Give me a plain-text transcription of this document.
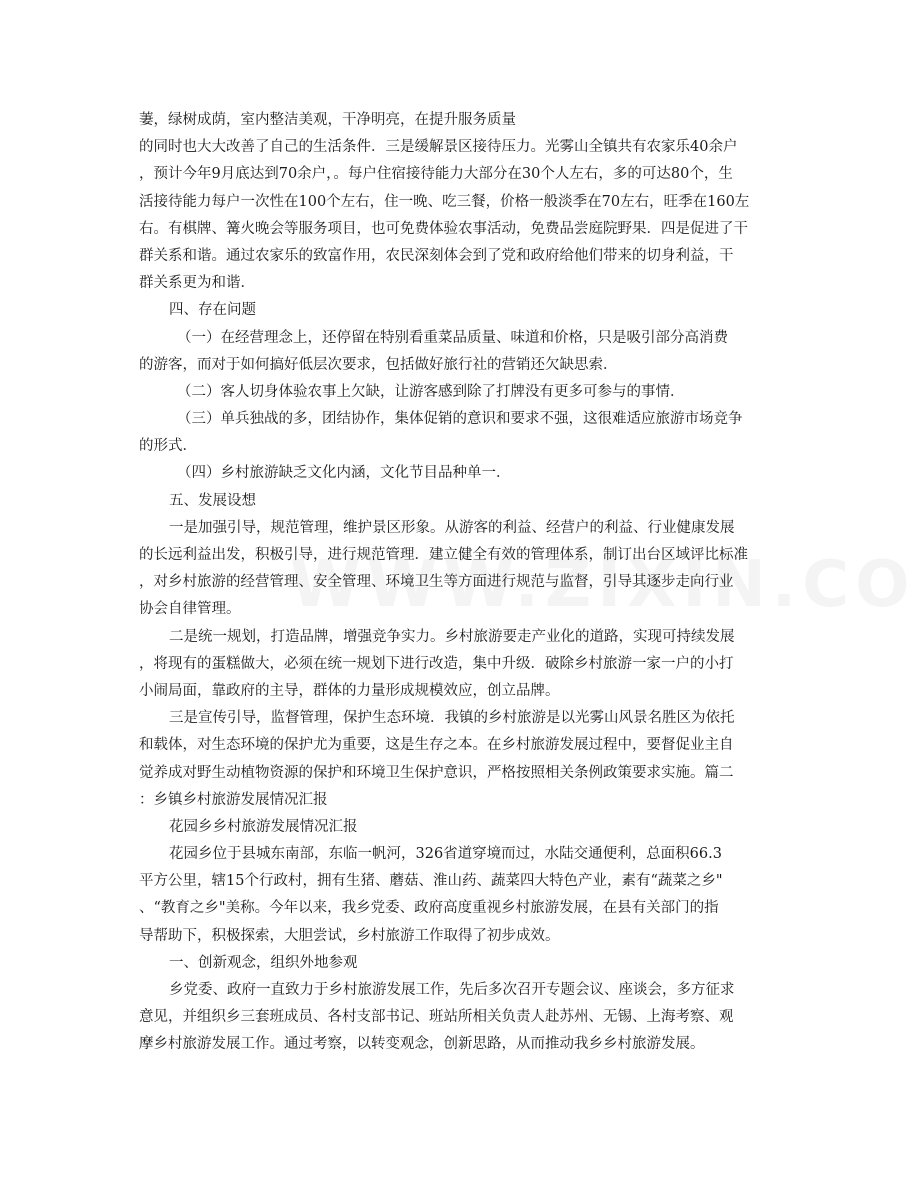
萋，绿树成荫，室内整洁美观，干净明亮，在提升服务质量
的同时也大大改善了自己的生活条件．三是缓解景区接待压力。光雾山全镇共有农家乐40余户
，预计今年9月底达到70余户，。每户住宿接待能力大部分在30个人左右，多的可达80个，生
活接待能力每户一次性在100个左右，住一晚、吃三餐，价格一般淡季在70左右，旺季在160左
右。有棋牌、篝火晚会等服务项目，也可免费体验农事活动，免费品尝庭院野果．四是促进了干
群关系和谐。通过农家乐的致富作用，农民深刻体会到了党和政府给他们带来的切身利益，干
群关系更为和谐．
四、存在问题
（一）在经营理念上，还停留在特别看重菜品质量、味道和价格，只是吸引部分高消费
的游客，而对于如何搞好低层次要求，包括做好旅行社的营销还欠缺思索．
（二）客人切身体验农事上欠缺，让游客感到除了打牌没有更多可参与的事情．
（三）单兵独战的多，团结协作，集体促销的意识和要求不强，这很难适应旅游市场竞争
的形式．
（四）乡村旅游缺乏文化内涵，文化节目品种单一．
五、发展设想
一是加强引导，规范管理，维护景区形象。从游客的利益、经营户的利益、行业健康发展
的长远利益出发，积极引导，进行规范管理．建立健全有效的管理体系，制订出台区域评比标准
，对乡村旅游的经营管理、安全管理、环境卫生等方面进行规范与监督，引导其逐步走向行业
协会自律管理。
二是统一规划，打造品牌，增强竞争实力。乡村旅游要走产业化的道路，实现可持续发展
，将现有的蛋糕做大，必须在统一规划下进行改造，集中升级．破除乡村旅游一家一户的小打
小闹局面，靠政府的主导，群体的力量形成规模效应，创立品牌。
三是宣传引导，监督管理，保护生态环境．我镇的乡村旅游是以光雾山风景名胜区为依托
和载体，对生态环境的保护尤为重要，这是生存之本。在乡村旅游发展过程中，要督促业主自
觉养成对野生动植物资源的保护和环境卫生保护意识，严格按照相关条例政策要求实施。篇二
：乡镇乡村旅游发展情况汇报
花园乡乡村旅游发展情况汇报
花园乡位于县城东南部，东临一帆河，326省道穿境而过，水陆交通便利，总面积66.3
平方公里，辖15个行政村，拥有生猪、蘑菇、淮山药、蔬菜四大特色产业，素有“蔬菜之乡"
、“教育之乡"美称。今年以来，我乡党委、政府高度重视乡村旅游发展，在县有关部门的指
导帮助下，积极探索，大胆尝试，乡村旅游工作取得了初步成效。
一、创新观念，组织外地参观
乡党委、政府一直致力于乡村旅游发展工作，先后多次召开专题会议、座谈会，多方征求
意见，并组织乡三套班成员、各村支部书记、班站所相关负责人赴苏州、无锡、上海考察、观
摩乡村旅游发展工作。通过考察，以转变观念，创新思路，从而推动我乡乡村旅游发展。
